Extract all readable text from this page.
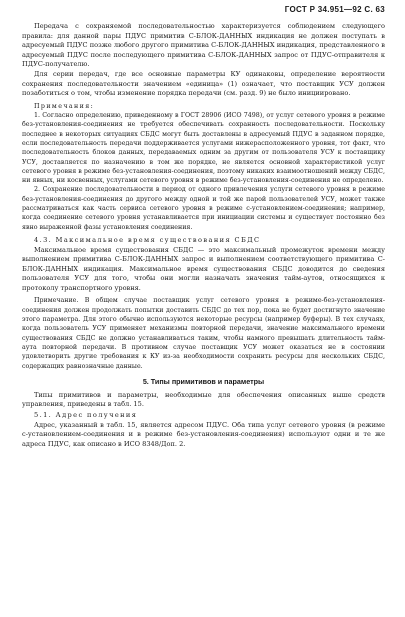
ГОСТ Р 34.951—92 С. 63

Передача с сохраняемой последовательностью характеризуется соблюдением следующего правила: для данной пары ПДУС примитив С-БЛОК-ДАННЫХ индикация не должен поступать в адресуемый ПДУС позже любого другого примитива С-БЛОК-ДАННЫХ индикация, представленного в адресуемый ПДУС после последующего примитива С-БЛОК-ДАННЫХ запрос от ПДУС-отправителя к ПДУС-получателю.

Для серии передач, где все основные параметры КУ одинаковы, определение вероятности сохранения последовательности значением «единица» (1) означает, что поставщик УСУ должен позаботиться о том, чтобы изменение порядка передачи (см. разд. 9) не было инициировано.

Примечания:

1. Согласно определению, приведенному в ГОСТ 28906 (ИСО 7498), от услуг сетевого уровня в режиме без-установления-соединения не требуется обеспечивать сохранность последовательности. Поскольку последнее в некоторых ситуациях СБДС могут быть доставлены в адресуемый ПДУС в заданном порядке, если последовательность передачи поддерживается услугами нижерасположенного уровня, тот факт, что последовательность блоков данных, передаваемых одним за другим от пользователя УСУ к поставщику УСУ, доставляется по назначению в том же порядке, не является основной характеристикой услуг сетевого уровня в режиме без-установления-соединения, поэтому никаких взаимоотношений между СБДС, ни явных, ни косвенных, услугами сетевого уровня в режиме без-установления-соединения не определено.

2. Сохранение последовательности в период от одного привлечения услуги сетевого уровня в режиме без-установления-соединения до другого между одной и той же парой пользователей УСУ, может также рассматриваться как часть сервиса сетевого уровня в режиме с-установлением-соединения; например, когда соединение сетевого уровня устанавливается при инициации системы и существует постоянно без явно выраженной фазы установления соединения.

4.3. Максимальное время существования СБДС

Максимальное время существования СБДС — это максимальный промежуток времени между выполнением примитива С-БЛОК-ДАННЫХ запрос и выполнением соответствующего примитива С-БЛОК-ДАННЫХ индикация. Максимальное время существования СБДС доводится до сведения пользователя УСУ для того, чтобы они могли назначать значения тайм-аутов, относящихся к протоколу транспортного уровня.

Примечание. В общем случае поставщик услуг сетевого уровня в режиме-без-установления-соединения должен продолжать попытки доставить СБДС до тех пор, пока не будет достигнуто значение этого параметра. Для этого обычно используются некоторые ресурсы (например буферы). В тех случаях, когда пользователь УСУ применяет механизмы повторной передачи, значение максимального времени существования СБДС не должно устанавливаться таким, чтобы намного превышать длительность тайм-аута повторной передачи. В противном случае поставщик УСУ может оказаться не в состоянии удовлетворить другие требования к КУ из-за необходимости сохранить ресурсы для нескольких СБДС, содержащих равнозначные данные.

5. Типы примитивов и параметры

Типы примитивов и параметры, необходимые для обеспечения описанных выше средств управления, приведены в табл. 15.

5.1. Адрес получения

Адрес, указанный в табл. 15, является адресом ПДУС. Оба типа услуг сетевого уровня (в режиме с-установлением-соединения и в режиме без-установления-соединения) используют одни и те же адреса ПДУС, как описано в ИСО 8348/Доп. 2.
